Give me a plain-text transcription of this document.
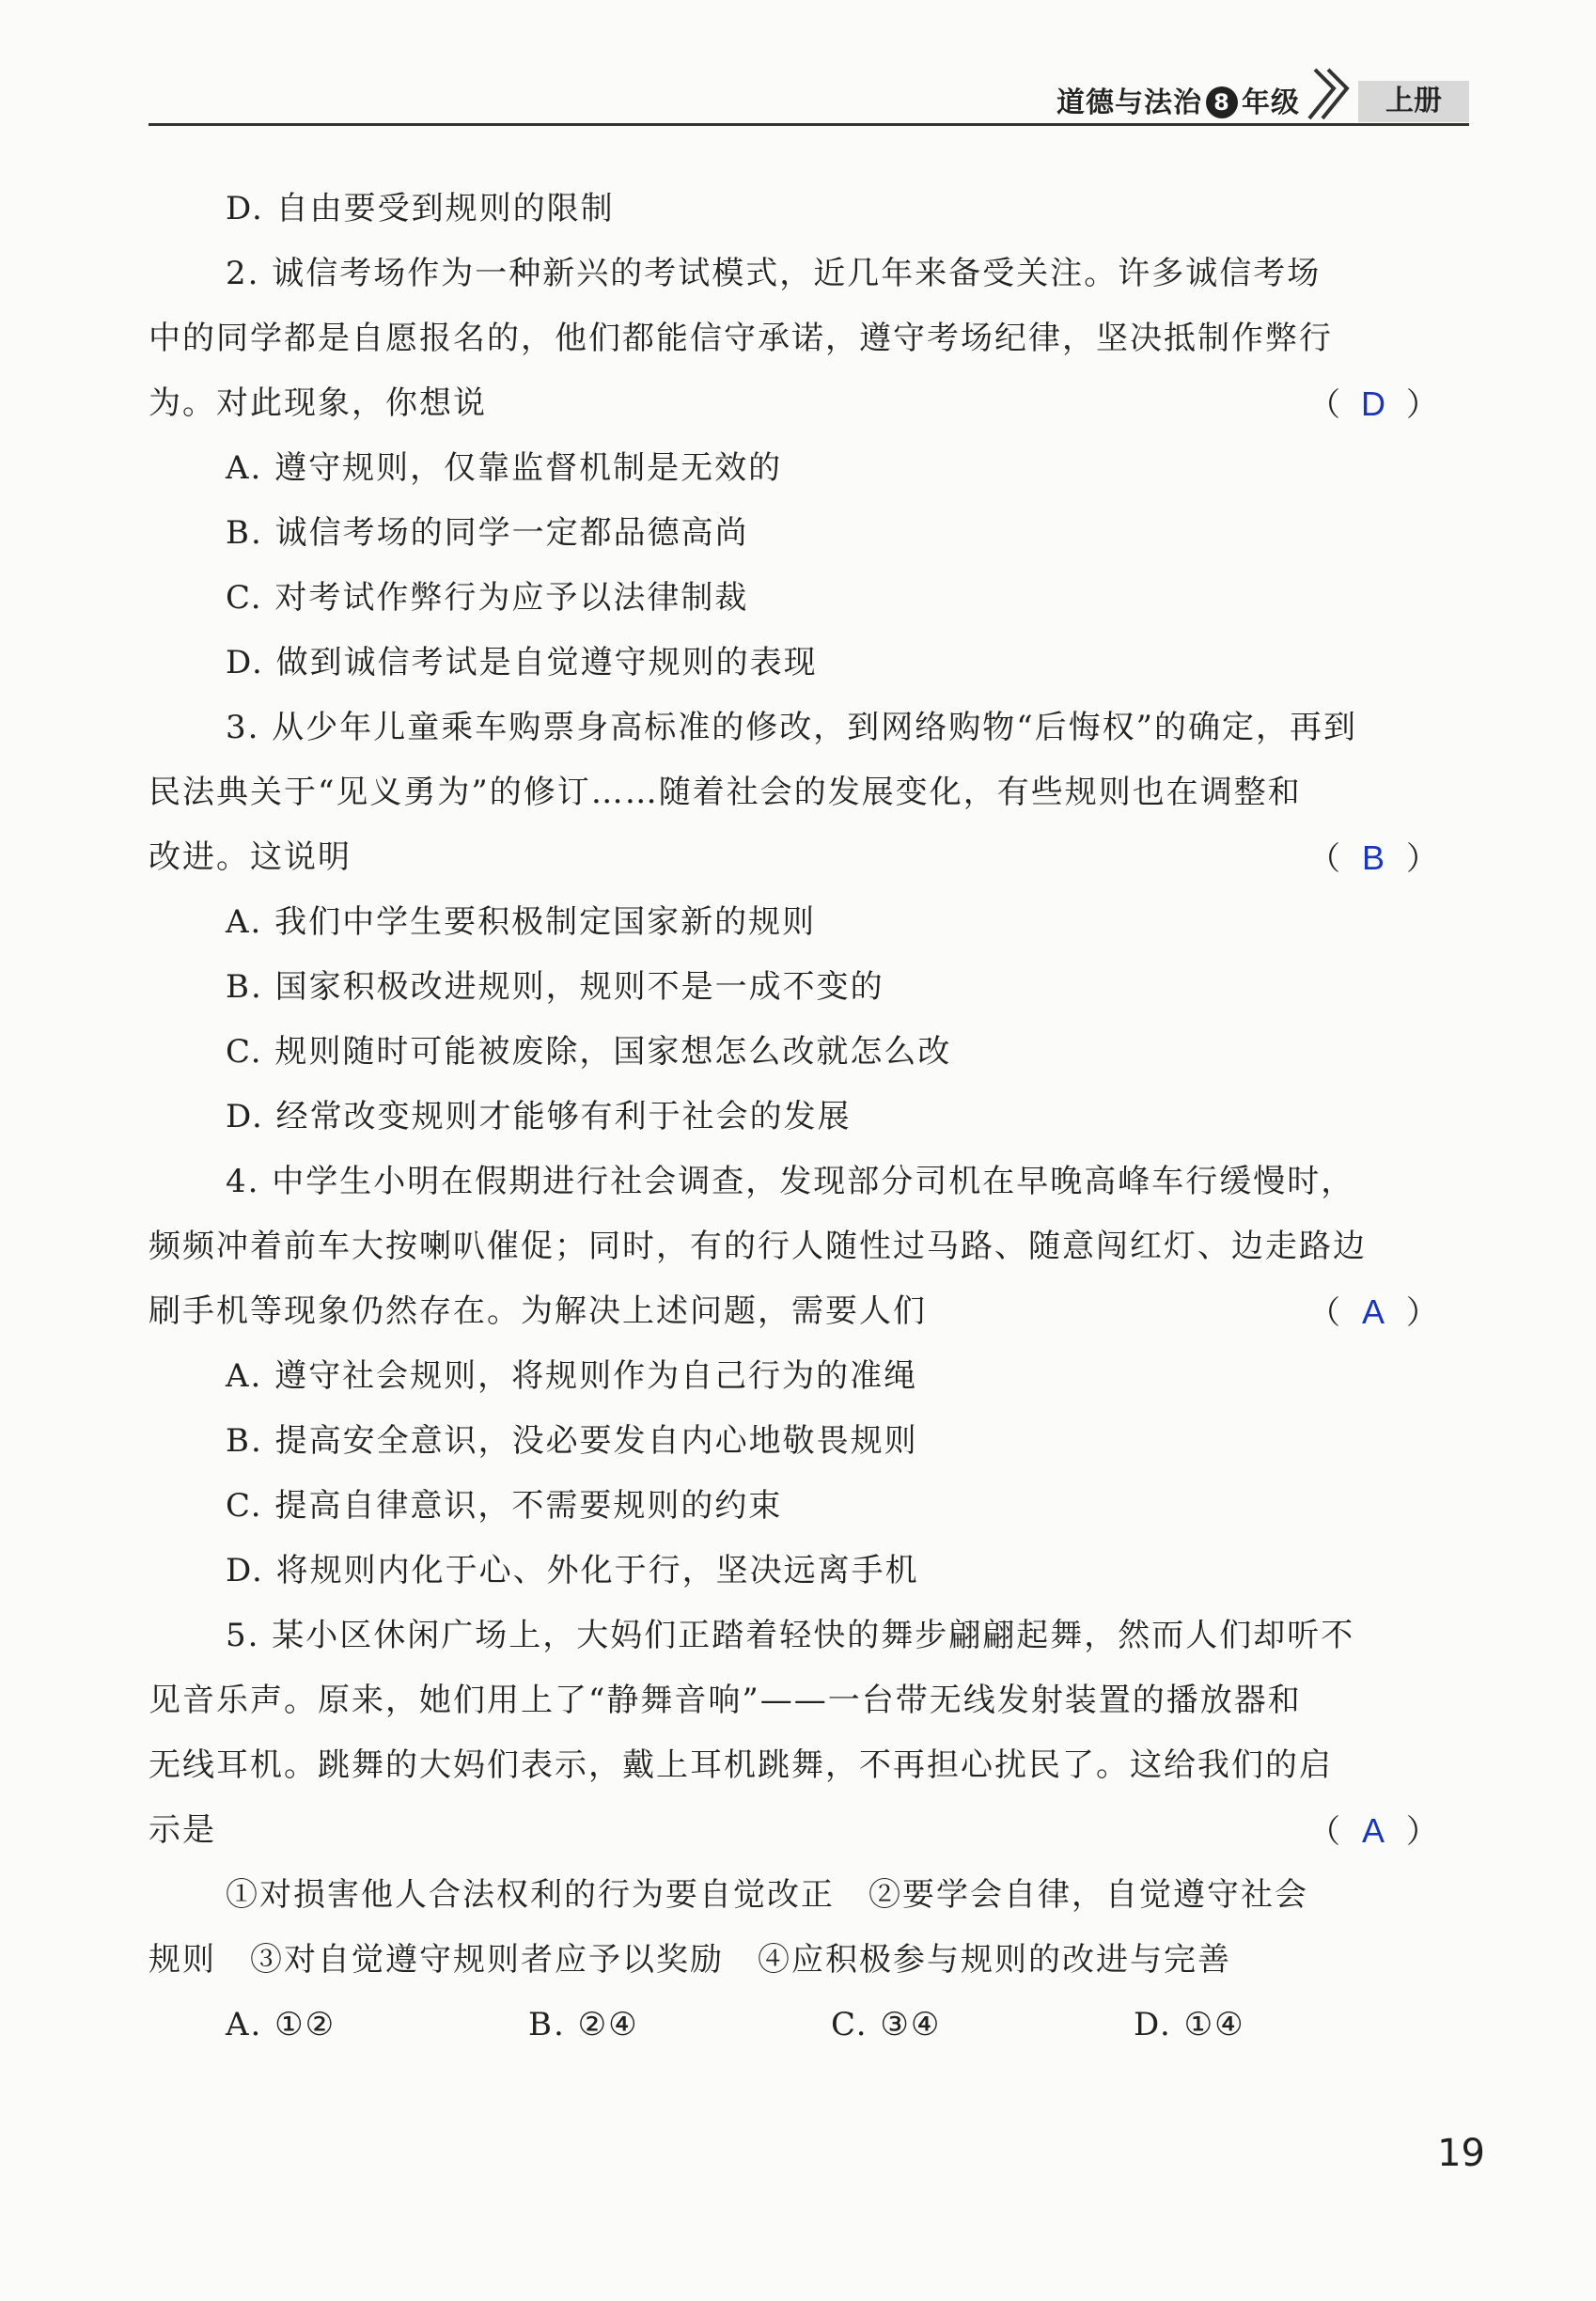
道德与法治 8 年级	上册
D. 自由要受到规则的限制
2. 诚信考场作为一种新兴的考试模式，近几年来备受关注。许多诚信考场
中的同学都是自愿报名的，他们都能信守承诺，遵守考场纪律，坚决抵制作弊行
为。对此现象，你想说	（ D ）
A. 遵守规则，仅靠监督机制是无效的
B. 诚信考场的同学一定都品德高尚
C. 对考试作弊行为应予以法律制裁
D. 做到诚信考试是自觉遵守规则的表现
3. 从少年儿童乘车购票身高标准的修改，到网络购物“后悔权”的确定，再到
民法典关于“见义勇为”的修订……随着社会的发展变化，有些规则也在调整和
改进。这说明	（ B ）
A. 我们中学生要积极制定国家新的规则
B. 国家积极改进规则，规则不是一成不变的
C. 规则随时可能被废除，国家想怎么改就怎么改
D. 经常改变规则才能够有利于社会的发展
4. 中学生小明在假期进行社会调查，发现部分司机在早晚高峰车行缓慢时，
频频冲着前车大按喇叭催促；同时，有的行人随性过马路、随意闯红灯、边走路边
刷手机等现象仍然存在。为解决上述问题，需要人们	（ A ）
A. 遵守社会规则，将规则作为自己行为的准绳
B. 提高安全意识，没必要发自内心地敬畏规则
C. 提高自律意识，不需要规则的约束
D. 将规则内化于心、外化于行，坚决远离手机
5. 某小区休闲广场上，大妈们正踏着轻快的舞步翩翩起舞，然而人们却听不
见音乐声。原来，她们用上了“静舞音响”——一台带无线发射装置的播放器和
无线耳机。跳舞的大妈们表示，戴上耳机跳舞，不再担心扰民了。这给我们的启
示是	（ A ）
①对损害他人合法权利的行为要自觉改正　②要学会自律，自觉遵守社会
规则　③对自觉遵守规则者应予以奖励　④应积极参与规则的改进与完善
A. ①②	B. ②④	C. ③④	D. ①④
19
